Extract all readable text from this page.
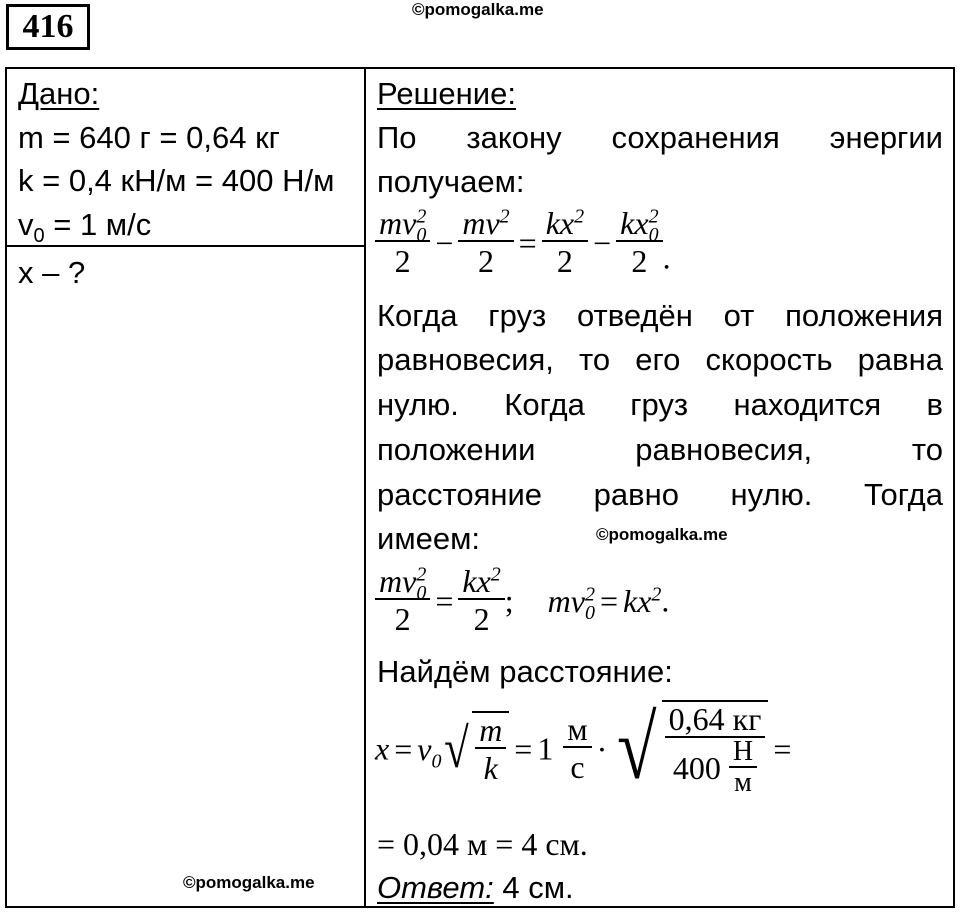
416	©pomogalka.me
Дано:
m = 640 г = 0,64 кг
k = 0,4 кН/м = 400 Н/м
$v_0 = 1$ м/с
x – ?
©pomogalka.me
Решение:
По закону сохранения энергии
получаем:
$\frac{mv^2_0}{2} - \frac{mv^2}{2} = \frac{kx^2}{2} - \frac{kx^2_0}{2}$ .
Когда груз отведён от положения
равновесия, то его скорость равна
нулю. Когда груз находится в
положении равновесия, то
расстояние равно нулю. Тогда
имеем:	©pomogalka.me
$\frac{mv^2_0}{2} = \frac{kx^2}{2}$ ; $mv^2_0 = kx^2$.
Найдём расстояние:
$x = v_0√ \frac{m}{k} = 1 \frac{м}{с}$ · √ $\frac{0,64 кг}{400 \frac{Н}{м}}$ =
= 0,04 м = 4 см.
Ответ: 4 см.
